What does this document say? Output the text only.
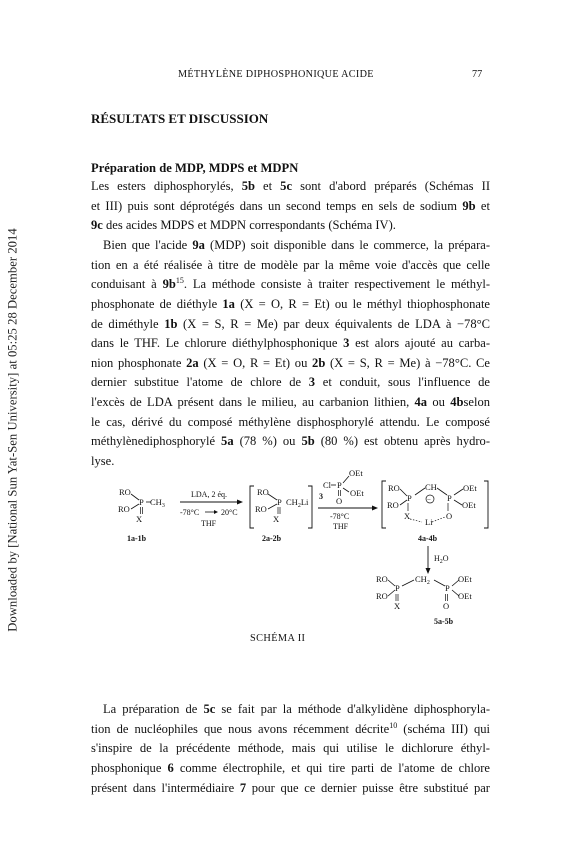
Downloaded by [National Sun Yat-Sen University] at 05:25 28 December 2014
MÉTHYLÈNE DIPHOSPHONIQUE ACIDE	77
RÉSULTATS ET DISCUSSION
Préparation de MDP, MDPS et MDPN
Les esters diphosphorylés, 5b et 5c sont d'abord préparés (Schémas II
et III) puis sont déprotégés dans un second temps en sels de sodium 9b et
9c des acides MDPS et MDPN correspondants (Schéma IV).
Bien que l'acide 9a (MDP) soit disponible dans le commerce, la prépara-
tion en a été réalisée à titre de modèle par la même voie d'accès que celle
conduisant à $9b^{15}$. La méthode consiste à traiter respectivement le méthyl-
phosphonate de diéthyle 1a (X = O, R = Et) ou le méthyl thiophosphonate
de diméthyle 1b (X = S, R = Me) par deux équivalents de LDA à −78°C
dans le THF. Le chlorure diéthylphosphonique 3 est alors ajouté au carba-
nion phosphonate 2a (X = O, R = Et) ou 2b (X = S, R = Me) à −78°C. Ce
dernier substitue l'atome de chlore de 3 et conduit, sous l'influence de
l'excès de LDA présent dans le milieu, au carbanion lithien, 4a ou 4bselon
le cas, dérivé du composé méthylène disphosphorylé attendu. Le composé
méthylènediphosphorylé 5a (78 %) ou 5b (80 %) est obtenu après hydro-
lyse.
RO
RO
P $CH_3$
X
1a-1b
LDA, 2 éq.
-78°C	20°C
THF
RO
RO
P $CH_2Li$
X
2a-2b
OEt
Cl P
OEt
3 O
-78°C
THF
RO
RO
P
CH
− P
OEt
OEt
X
Li
O
4a-4b
$H_2O$
RO
RO
P
$CH_2$ P
OEt
OEt
X	O
5a-5b
SCHÉMA II
La préparation de 5c se fait par la méthode d'alkylidène diphosphoryla-
tion de nucléophiles que nous avons récemment décrite$^{10}$ (schéma III) qui
s'inspire de la précédente méthode, mais qui utilise le dichlorure éthyl-
phosphonique 6 comme électrophile, et qui tire parti de l'atome de chlore
présent dans l'intermédiaire 7 pour que ce dernier puisse être substitué par
